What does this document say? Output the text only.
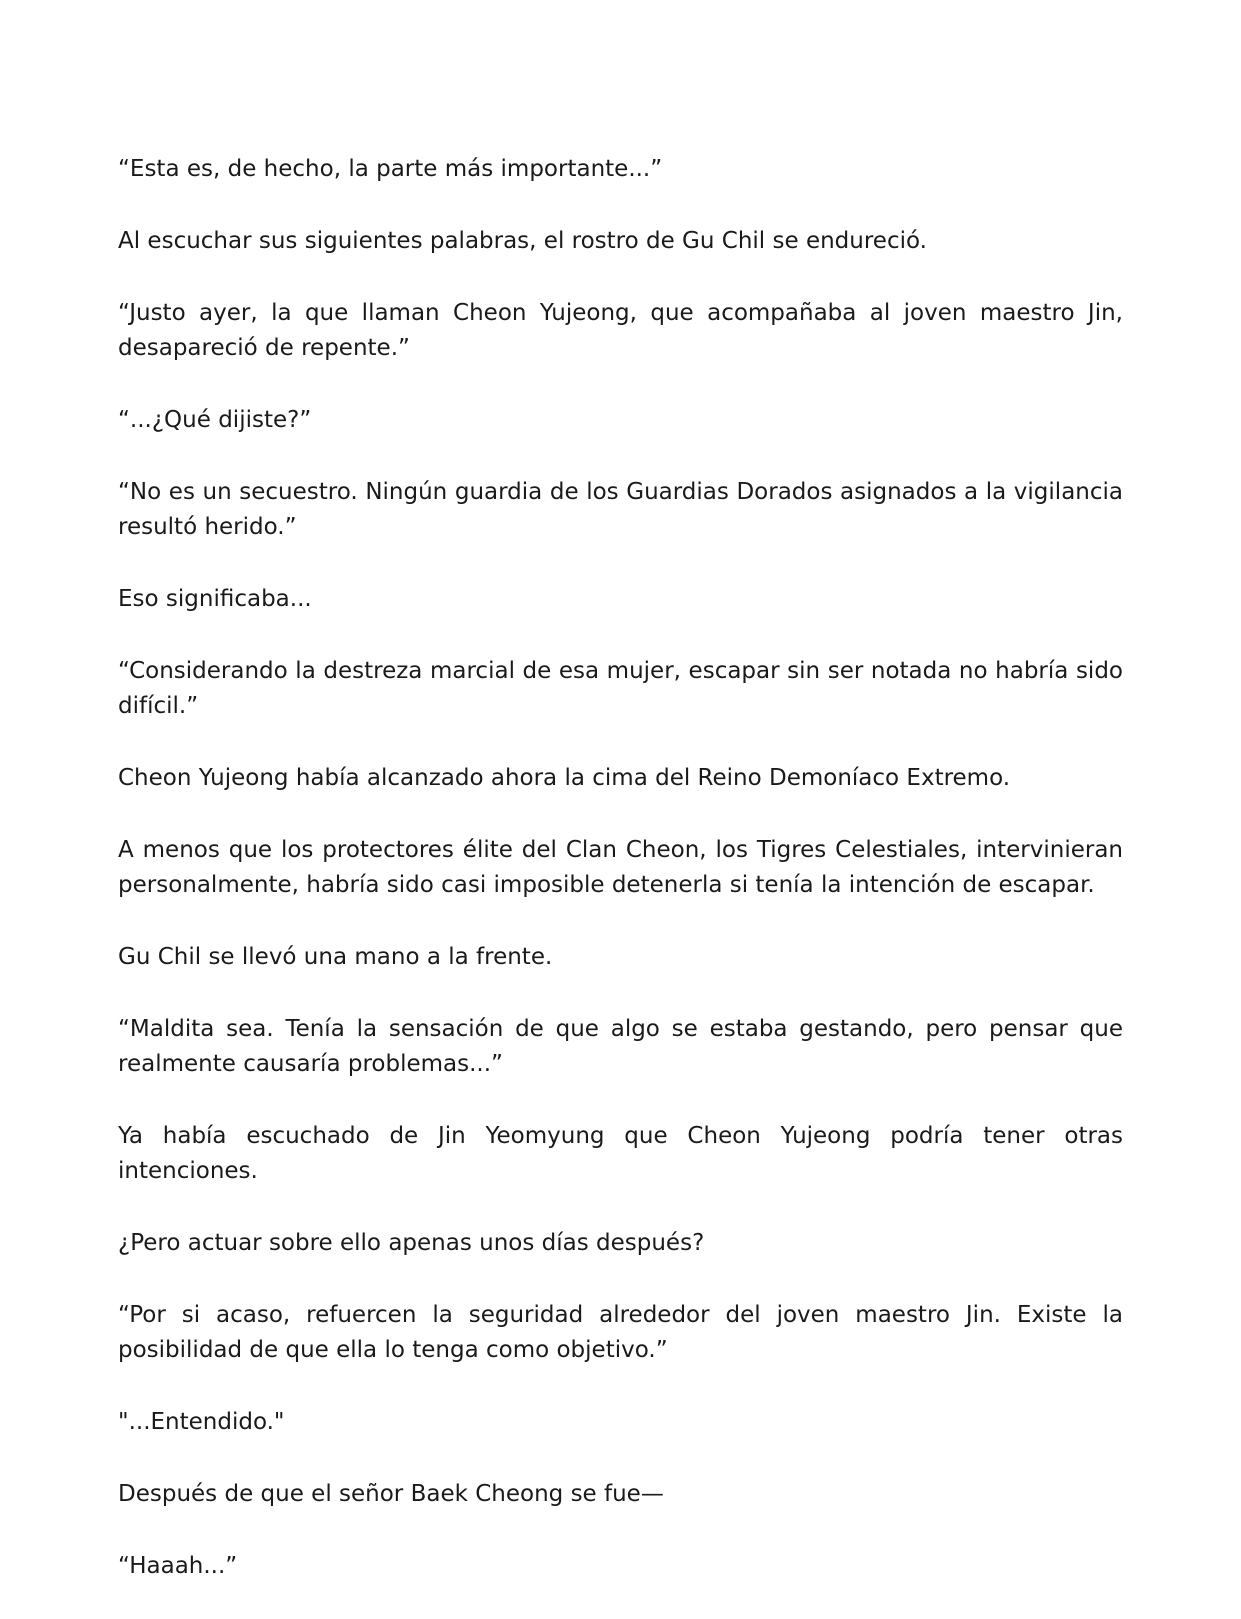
“Esta es, de hecho, la parte más importante...”

Al escuchar sus siguientes palabras, el rostro de Gu Chil se endureció.

“Justo ayer, la que llaman Cheon Yujeong, que acompañaba al joven maestro Jin, desapareció de repente.”

“...¿Qué dijiste?”

“No es un secuestro. Ningún guardia de los Guardias Dorados asignados a la vigilancia resultó herido.”

Eso significaba...

“Considerando la destreza marcial de esa mujer, escapar sin ser notada no habría sido difícil.”

Cheon Yujeong había alcanzado ahora la cima del Reino Demoníaco Extremo.

A menos que los protectores élite del Clan Cheon, los Tigres Celestiales, intervinieran personalmente, habría sido casi imposible detenerla si tenía la intención de escapar.

Gu Chil se llevó una mano a la frente.

“Maldita sea. Tenía la sensación de que algo se estaba gestando, pero pensar que realmente causaría problemas...”

Ya había escuchado de Jin Yeomyung que Cheon Yujeong podría tener otras intenciones.

¿Pero actuar sobre ello apenas unos días después?

“Por si acaso, refuercen la seguridad alrededor del joven maestro Jin. Existe la posibilidad de que ella lo tenga como objetivo.”

"...Entendido."

Después de que el señor Baek Cheong se fue—

“Haaah...”
